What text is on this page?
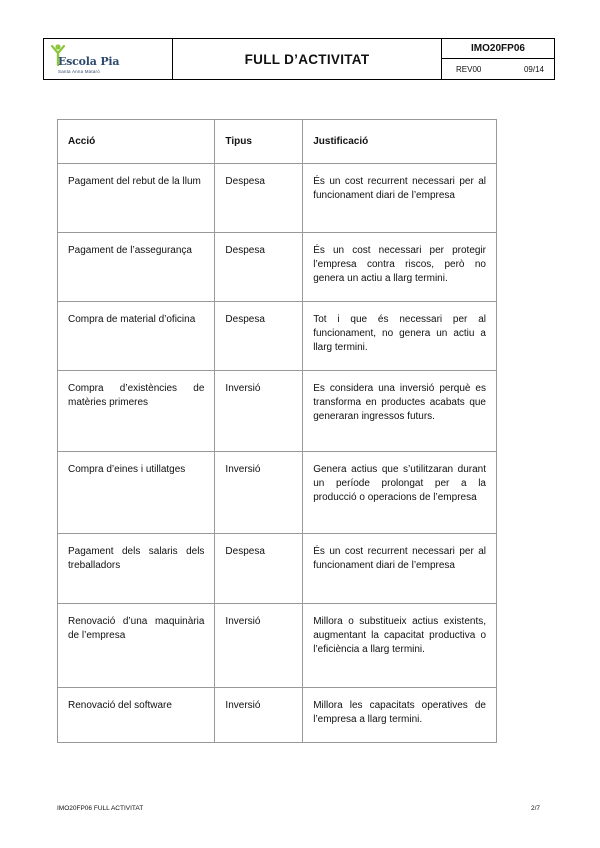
Escola Pia
Santa Anna Mataró
FULL D’ACTIVITAT
IMO20FP06
REV00	09/14
Acció	Tipus	Justificació
Pagament del rebut de la llum	Despesa	És un cost recurrent necessari per al funcionament diari de l’empresa
Pagament de l’assegurança	Despesa	És un cost necessari per protegir l’empresa contra riscos, però no genera un actiu a llarg termini.
Compra de material d’oficina	Despesa	Tot i que és necessari per al funcionament, no genera un actiu a llarg termini.
Compra d’existències de matèries primeres	Inversió	Es considera una inversió perquè es transforma en productes acabats que generaran ingressos futurs.
Compra d’eines i utillatges	Inversió	Genera actius que s’utilitzaran durant un període prolongat per a la producció o operacions de l’empresa
Pagament dels salaris dels treballadors	Despesa	És un cost recurrent necessari per al funcionament diari de l’empresa
Renovació d’una maquinària de l’empresa	Inversió	Millora o substitueix actius existents, augmentant la capacitat productiva o l’eficiència a llarg termini.
Renovació del software	Inversió	Millora les capacitats operatives de l’empresa a llarg termini.
IMO20FP06 FULL ACTIVITAT	2/7
